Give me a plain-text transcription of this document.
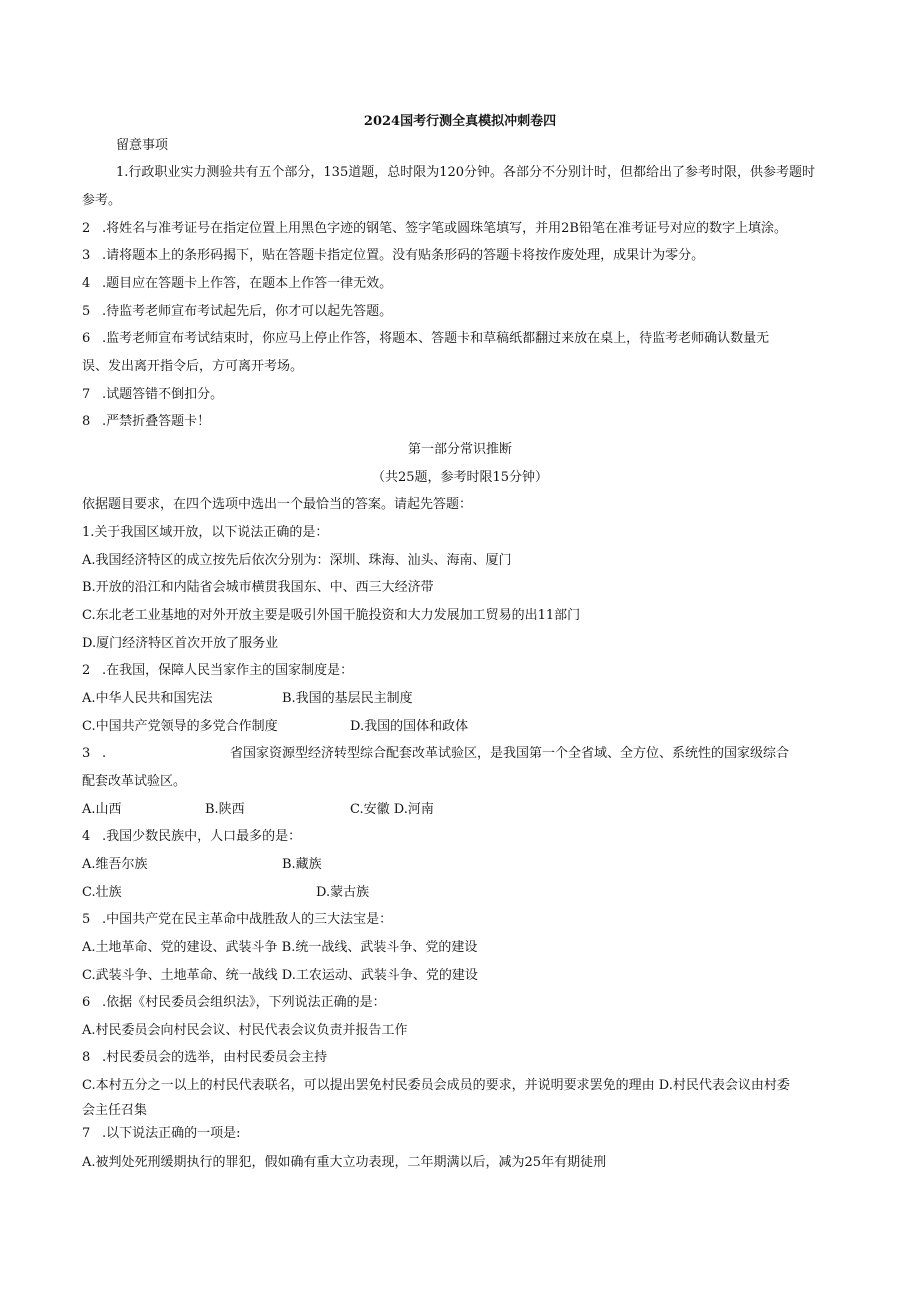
2024国考行测全真模拟冲刺卷四
留意事项
1.行政职业实力测验共有五个部分，135道题，总时限为120分钟。各部分不分别计时，但都给出了参考时限，供参考题时
参考。
2 .将姓名与准考证号在指定位置上用黑色字迹的钢笔、签字笔或圆珠笔填写，并用2B铅笔在准考证号对应的数字上填涂。
3 .请将题本上的条形码揭下，贴在答题卡指定位置。没有贴条形码的答题卡将按作废处理，成果计为零分。
4 .题目应在答题卡上作答，在题本上作答一律无效。
5 .待监考老师宣布考试起先后，你才可以起先答题。
6 .监考老师宣布考试结束时，你应马上停止作答，将题本、答题卡和草稿纸都翻过来放在桌上，待监考老师确认数量无
误、发出离开指令后，方可离开考场。
7 .试题答错不倒扣分。
8 .严禁折叠答题卡！
第一部分常识推断
（共25题，参考时限15分钟）
依据题目要求，在四个选项中选出一个最恰当的答案。请起先答题：
1.关于我国区域开放，以下说法正确的是：
A.我国经济特区的成立按先后依次分别为：深圳、珠海、汕头、海南、厦门
B.开放的沿江和内陆省会城市横贯我国东、中、西三大经济带
C.东北老工业基地的对外开放主要是吸引外国干脆投资和大力发展加工贸易的出11部门
D.厦门经济特区首次开放了服务业
2 .在我国，保障人民当家作主的国家制度是：
A.中华人民共和国宪法	B.我国的基层民主制度
C.中国共产党领导的多党合作制度	D.我国的国体和政体
3 .	省国家资源型经济转型综合配套改革试验区，是我国第一个全省域、全方位、系统性的国家级综合
配套改革试验区。
A.山西	B.陕西	C.安徽 D.河南
4 .我国少数民族中，人口最多的是：
A.维吾尔族	B.藏族
C.壮族	D.蒙古族
5 .中国共产党在民主革命中战胜敌人的三大法宝是：
A.土地革命、党的建设、武装斗争 B.统一战线、武装斗争、党的建设
C.武装斗争、土地革命、统一战线 D.工农运动、武装斗争、党的建设
6 .依据《村民委员会组织法》，下列说法正确的是：
A.村民委员会向村民会议、村民代表会议负责并报告工作
8 .村民委员会的选举，由村民委员会主持
C.本村五分之一以上的村民代表联名，可以提出罢免村民委员会成员的要求，并说明要求罢免的理由 D.村民代表会议由村委
会主任召集
7 .以下说法正确的一项是:
A.被判处死刑缓期执行的罪犯，假如确有重大立功表现，二年期满以后，减为25年有期徒刑
